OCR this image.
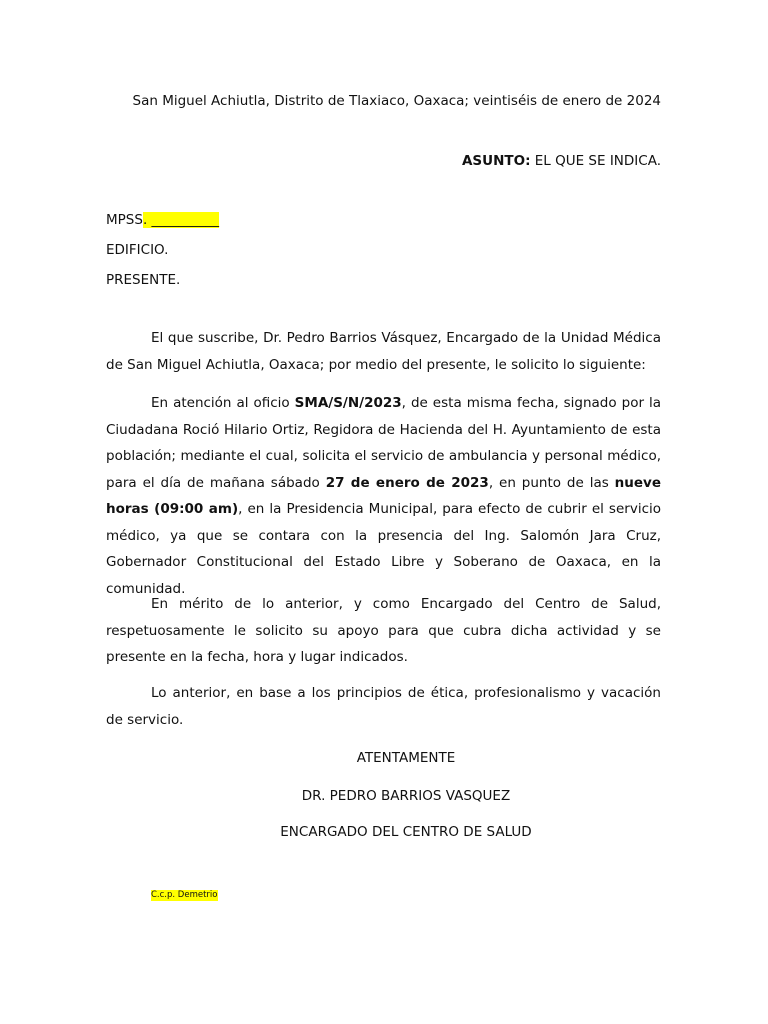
San Miguel Achiutla, Distrito de Tlaxiaco, Oaxaca; veintiséis de enero de 2024
ASUNTO: EL QUE SE INDICA.
MPSS. __________
EDIFICIO.
PRESENTE.
El que suscribe, Dr. Pedro Barrios Vásquez, Encargado de la Unidad Médica de San Miguel Achiutla, Oaxaca; por medio del presente, le solicito lo siguiente:
En atención al oficio SMA/S/N/2023, de esta misma fecha, signado por la Ciudadana Roció Hilario Ortiz, Regidora de Hacienda del H. Ayuntamiento de esta población; mediante el cual, solicita el servicio de ambulancia y personal médico, para el día de mañana sábado 27 de enero de 2023, en punto de las nueve horas (09:00 am), en la Presidencia Municipal, para efecto de cubrir el servicio médico, ya que se contara con la presencia del Ing. Salomón Jara Cruz, Gobernador Constitucional del Estado Libre y Soberano de Oaxaca, en la comunidad.
En mérito de lo anterior, y como Encargado del Centro de Salud, respetuosamente le solicito su apoyo para que cubra dicha actividad y se presente en la fecha, hora y lugar indicados.
Lo anterior, en base a los principios de ética, profesionalismo y vacación de servicio.
ATENTAMENTE
DR. PEDRO BARRIOS VASQUEZ
ENCARGADO DEL CENTRO DE SALUD
C.c.p. Demetrio
